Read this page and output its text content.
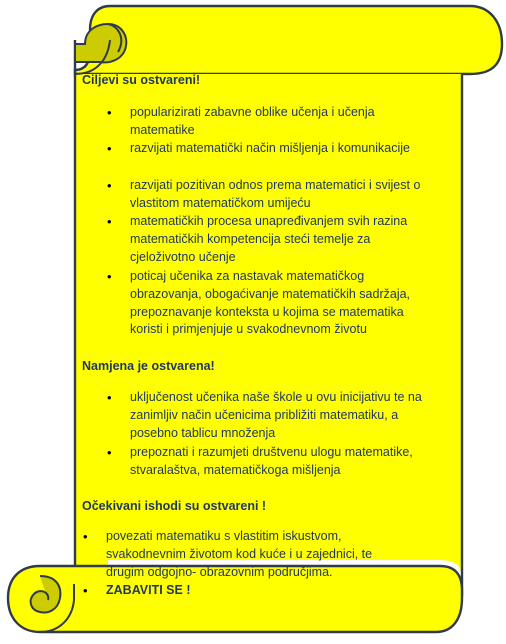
Ciljevi su ostvareni!
• popularizirati zabavne oblike učenja i učenja matematike
• razvijati matematički način mišljenja i komunikacije
• razvijati pozitivan odnos prema matematici i svijest o vlastitom matematičkom umijeću
• matematičkih procesa unapređivanjem svih razina matematičkih kompetencija steći temelje za cjeloživotno učenje
• poticaj učenika za nastavak matematičkog obrazovanja, obogaćivanje matematičkih sadržaja, prepoznavanje konteksta u kojima se matematika koristi i primjenjuje u svakodnevnom životu
Namjena je ostvarena!
• uključenost učenika naše škole u ovu inicijativu te na zanimljiv način učenicima približiti matematiku, a posebno tablicu množenja
• prepoznati i razumjeti društvenu ulogu matematike, stvaralaštva, matematičkoga mišljenja
Očekivani ishodi su ostvareni !
• povezati matematiku s vlastitim iskustvom, svakodnevnim životom kod kuće i u zajednici, te drugim odgojno- obrazovnim područjima.
• ZABAVITI SE !
